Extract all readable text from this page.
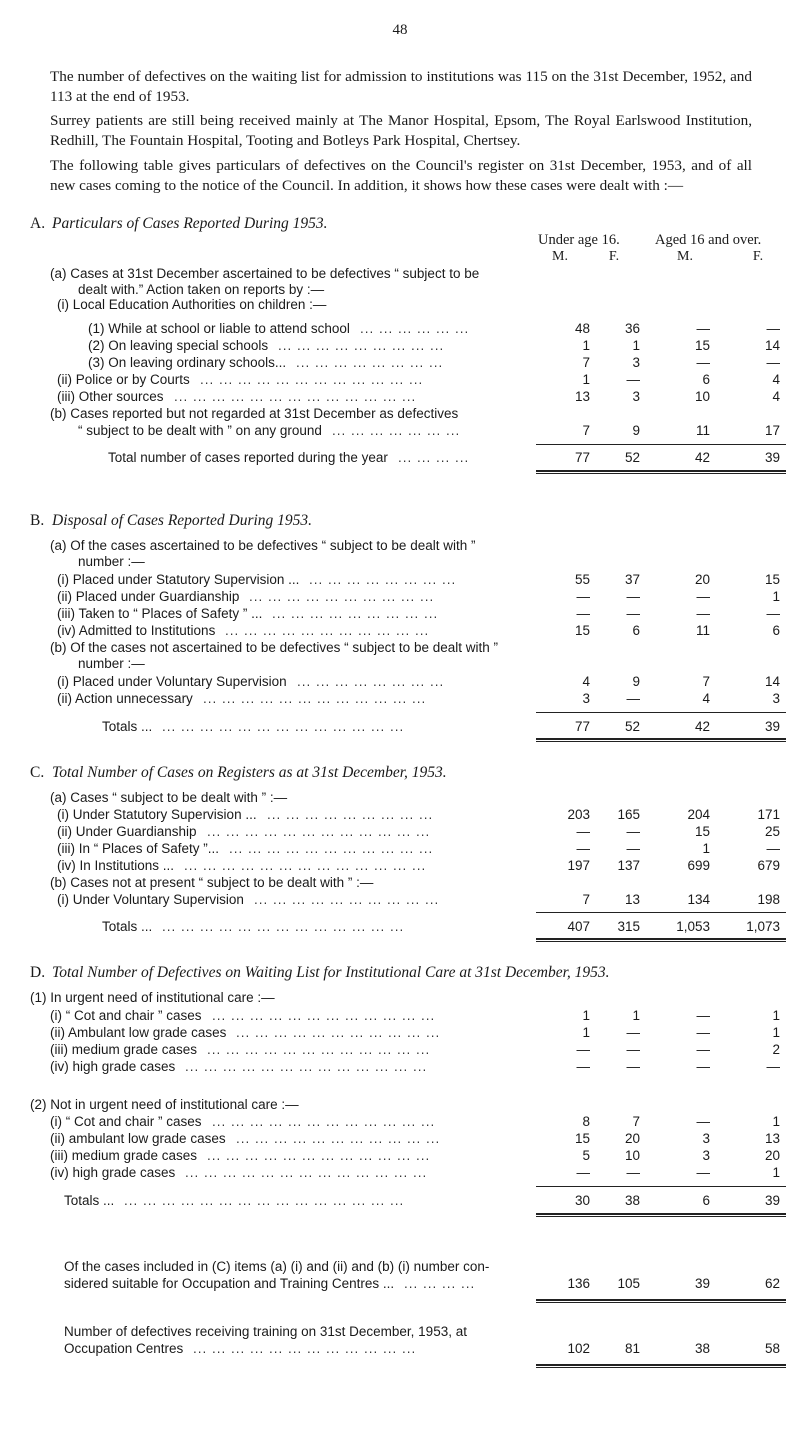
48

The number of defectives on the waiting list for admission to institutions was 115 on the 31st December, 1952, and 113 at the end of 1953.

Surrey patients are still being received mainly at The Manor Hospital, Epsom, The Royal Earlswood Institution, Redhill, The Fountain Hospital, Tooting and Botleys Park Hospital, Chertsey.

The following table gives particulars of defectives on the Council's register on 31st December, 1953, and of all new cases coming to the notice of the Council. In addition, it shows how these cases were dealt with :—

Under age 16. Aged 16 and over.
M.	F.	M.	F.
A. Particulars of Cases Reported During 1953.
(a) Cases at 31st December ascertained to be defectives “ subject to be
dealt with.” Action taken on reports by :—
(i) Local Education Authorities on children :—
(1) While at school or liable to attend school ... ... ... ... ... ...	48	36	—	—
(2) On leaving special schools ... ... ... ... ... ... ... ... ...	1	1	15	14
(3) On leaving ordinary schools... ... ... ... ... ... ... ... ...	7	3	—	—
(ii) Police or by Courts ... ... ... ... ... ... ... ... ... ... ... ...	1	—	6	4
(iii) Other sources ... ... ... ... ... ... ... ... ... ... ... ... ...	13	3	10	4
(b) Cases reported but not regarded at 31st December as defectives
“ subject to be dealt with ” on any ground ... ... ... ... ... ... ...	7	9	11	17
Total number of cases reported during the year ... ... ... ...	77	52	42	39
B. Disposal of Cases Reported During 1953.
(a) Of the cases ascertained to be defectives “ subject to be dealt with ”
number :—
(i) Placed under Statutory Supervision ... ... ... ... ... ... ... ... ...	55	37	20	15
(ii) Placed under Guardianship ... ... ... ... ... ... ... ... ... ...	—	—	—	1
(iii) Taken to “ Places of Safety ” ... ... ... ... ... ... ... ... ... ...	—	—	—	—
(iv) Admitted to Institutions ... ... ... ... ... ... ... ... ... ... ...	15	6	11	6
(b) Of the cases not ascertained to be defectives “ subject to be dealt with ”
number :—
(i) Placed under Voluntary Supervision ... ... ... ... ... ... ... ...	4	9	7	14
(ii) Action unnecessary ... ... ... ... ... ... ... ... ... ... ... ...	3	—	4	3
Totals ... ... ... ... ... ... ... ... ... ... ... ... ... ...	77	52	42	39
C. Total Number of Cases on Registers as at 31st December, 1953.
(a) Cases “ subject to be dealt with ” :—
(i) Under Statutory Supervision ... ... ... ... ... ... ... ... ... ...	203	165	204	171
(ii) Under Guardianship ... ... ... ... ... ... ... ... ... ... ... ...	—	—	15	25
(iii) In “ Places of Safety ”... ... ... ... ... ... ... ... ... ... ... ...	—	—	1	—
(iv) In Institutions ... ... ... ... ... ... ... ... ... ... ... ... ... ...	197	137	699	679
(b) Cases not at present “ subject to be dealt with ” :—
(i) Under Voluntary Supervision ... ... ... ... ... ... ... ... ... ...	7	13	134	198
Totals ... ... ... ... ... ... ... ... ... ... ... ... ... ...	407	315	1,053	1,073
D. Total Number of Defectives on Waiting List for Institutional Care at 31st December, 1953.
(1) In urgent need of institutional care :—
(i) “ Cot and chair ” cases ... ... ... ... ... ... ... ... ... ... ... ...	1	1	—	1
(ii) Ambulant low grade cases ... ... ... ... ... ... ... ... ... ... ...	1	—	—	1
(iii) medium grade cases ... ... ... ... ... ... ... ... ... ... ... ...	—	—	—	2
(iv) high grade cases ... ... ... ... ... ... ... ... ... ... ... ... ...	—	—	—	—
(2) Not in urgent need of institutional care :—
(i) “ Cot and chair ” cases ... ... ... ... ... ... ... ... ... ... ... ...	8	7	—	1
(ii) ambulant low grade cases ... ... ... ... ... ... ... ... ... ... ...	15	20	3	13
(iii) medium grade cases ... ... ... ... ... ... ... ... ... ... ... ...	5	10	3	20
(iv) high grade cases ... ... ... ... ... ... ... ... ... ... ... ... ...	—	—	—	1
Totals ... ... ... ... ... ... ... ... ... ... ... ... ... ... ... ...	30	38	6	39
Of the cases included in (C) items (a) (i) and (ii) and (b) (i) number con-
sidered suitable for Occupation and Training Centres ... ... ... ... ...	136	105	39	62
Number of defectives receiving training on 31st December, 1953, at
Occupation Centres ... ... ... ... ... ... ... ... ... ... ... ...	102	81	38	58
